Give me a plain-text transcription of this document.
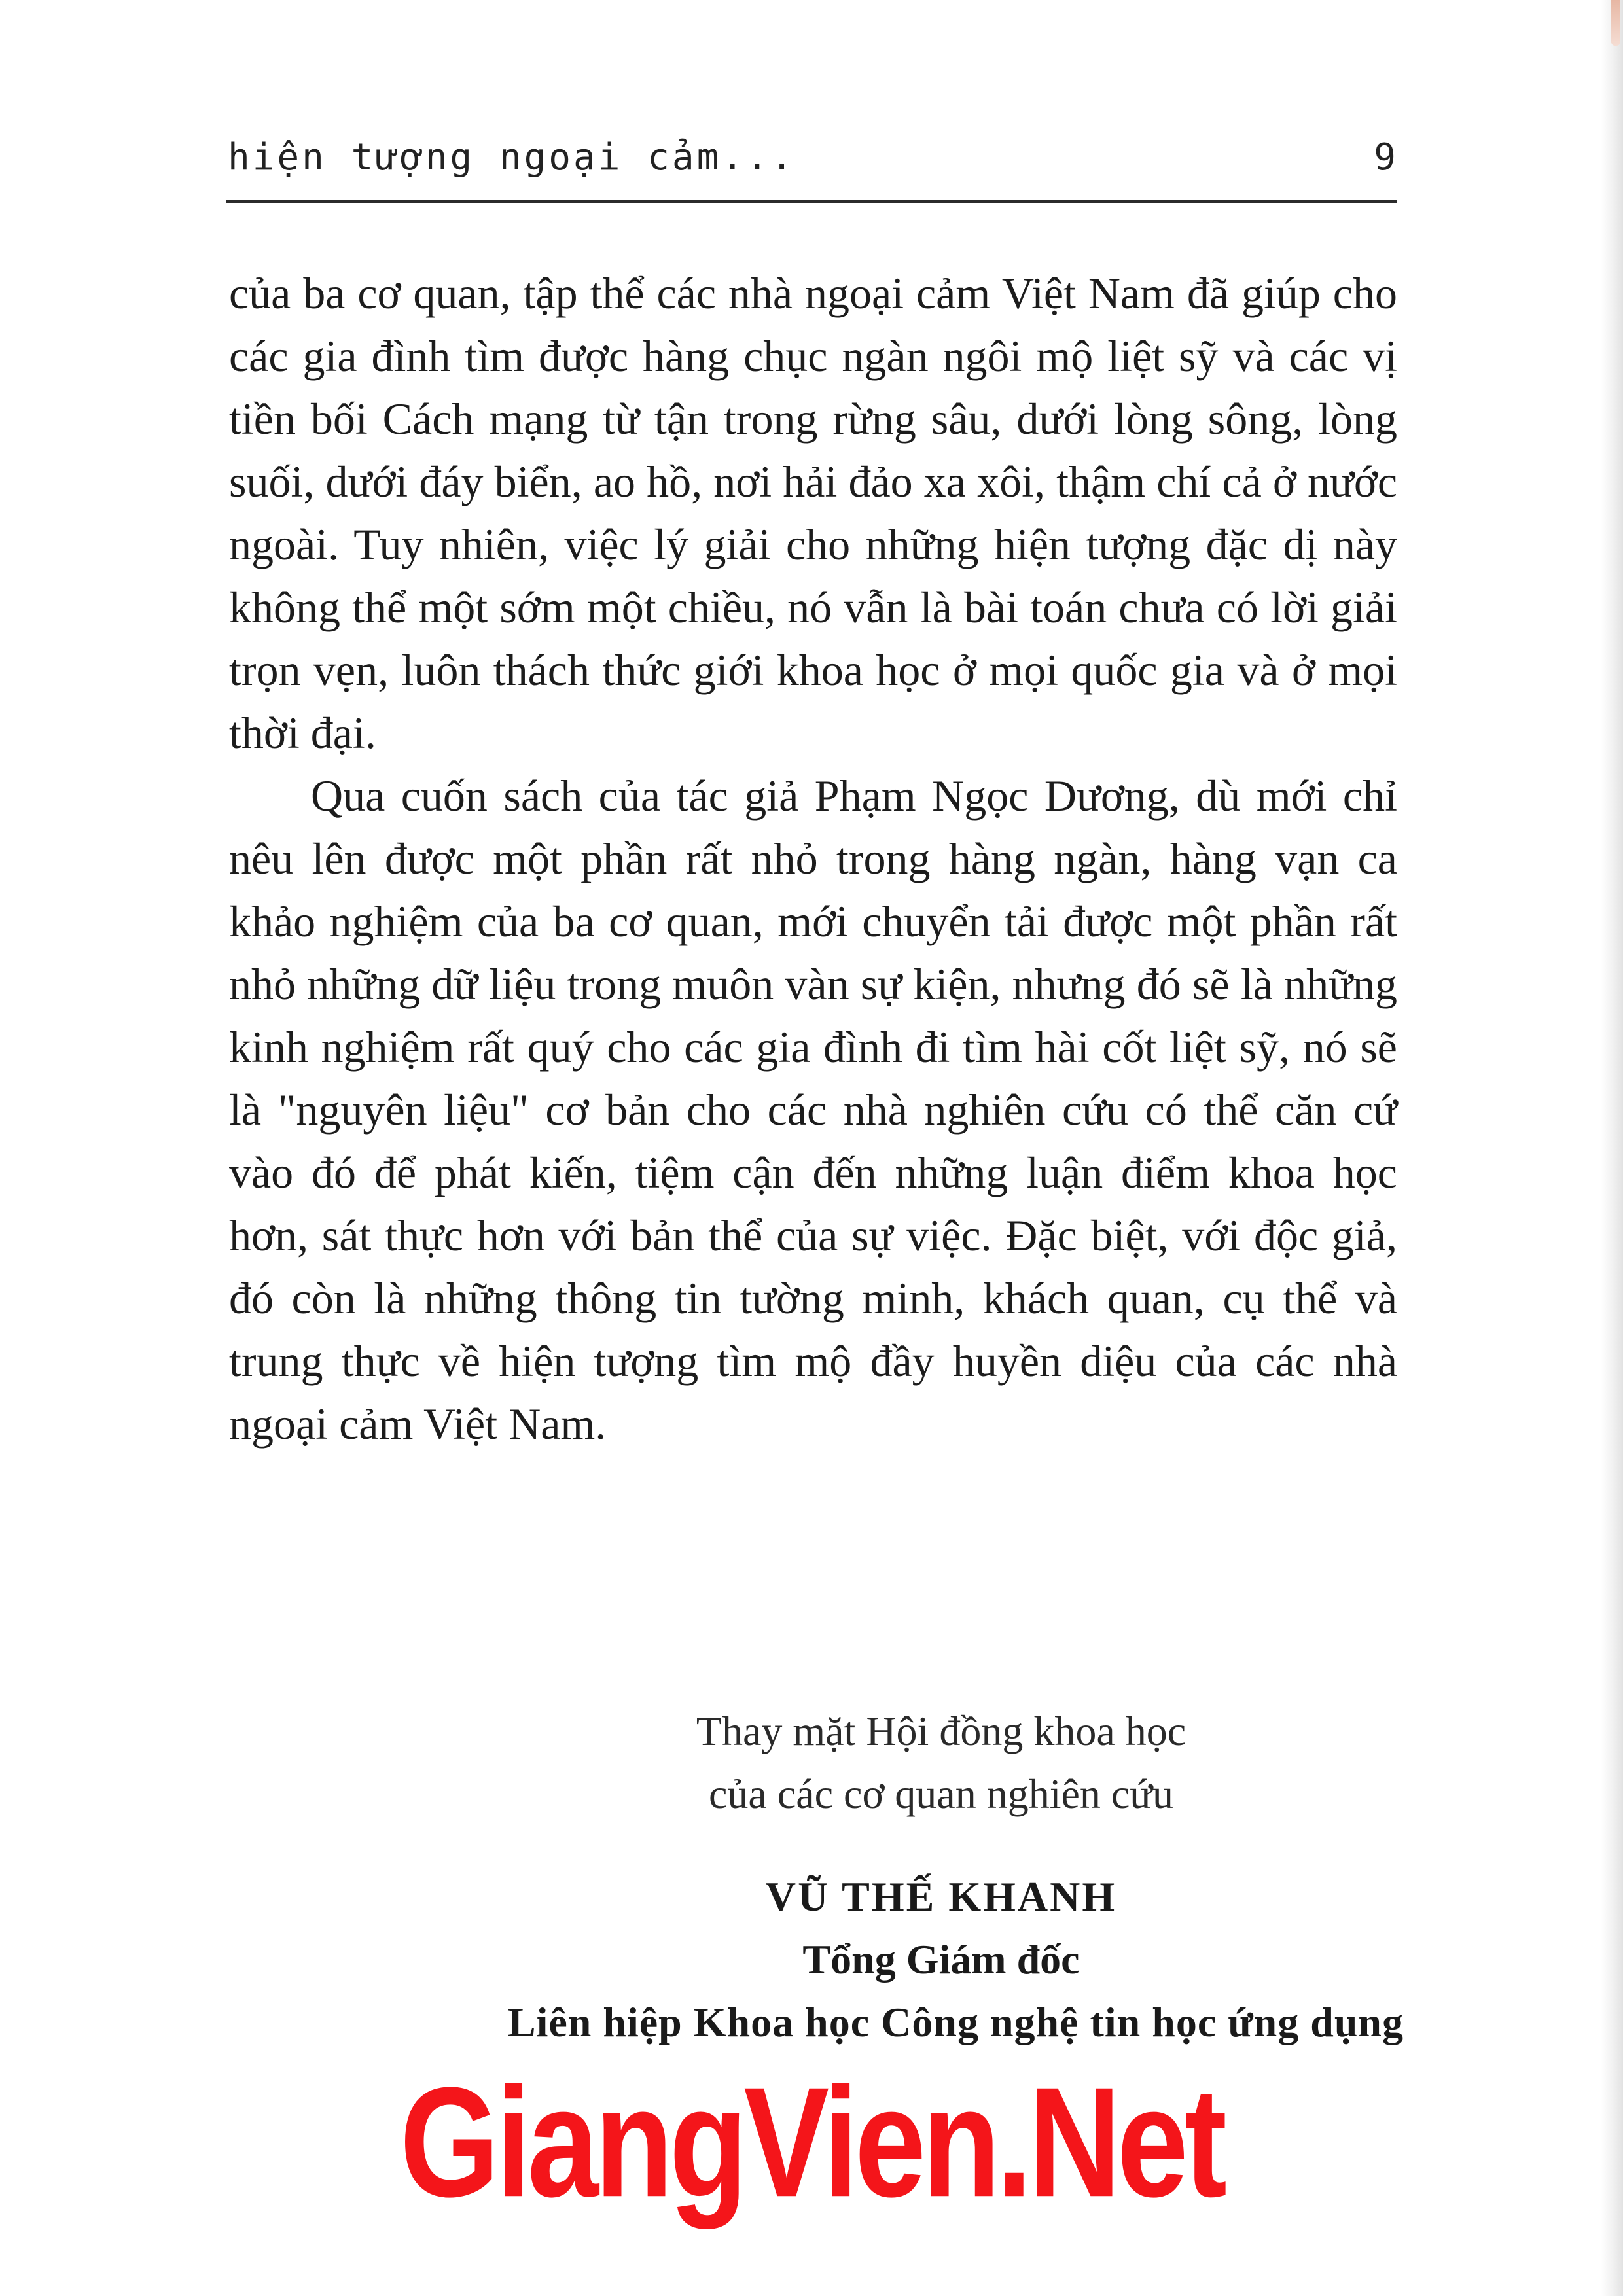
hiện tượng ngoại cảm...	9

của ba cơ quan, tập thể các nhà ngoại cảm Việt Nam đã giúp cho các gia đình tìm được hàng chục ngàn ngôi mộ liệt sỹ và các vị tiền bối Cách mạng từ tận trong rừng sâu, dưới lòng sông, lòng suối, dưới đáy biển, ao hồ, nơi hải đảo xa xôi, thậm chí cả ở nước ngoài. Tuy nhiên, việc lý giải cho những hiện tượng đặc dị này không thể một sớm một chiều, nó vẫn là bài toán chưa có lời giải trọn vẹn, luôn thách thức giới khoa học ở mọi quốc gia và ở mọi thời đại.

Qua cuốn sách của tác giả Phạm Ngọc Dương, dù mới chỉ nêu lên được một phần rất nhỏ trong hàng ngàn, hàng vạn ca khảo nghiệm của ba cơ quan, mới chuyển tải được một phần rất nhỏ những dữ liệu trong muôn vàn sự kiện, nhưng đó sẽ là những kinh nghiệm rất quý cho các gia đình đi tìm hài cốt liệt sỹ, nó sẽ là "nguyên liệu" cơ bản cho các nhà nghiên cứu có thể căn cứ vào đó để phát kiến, tiệm cận đến những luận điểm khoa học hơn, sát thực hơn với bản thể của sự việc. Đặc biệt, với độc giả, đó còn là những thông tin tường minh, khách quan, cụ thể và trung thực về hiện tượng tìm mộ đầy huyền diệu của các nhà ngoại cảm Việt Nam.

Thay mặt Hội đồng khoa học
của các cơ quan nghiên cứu
VŨ THẾ KHANH
Tổng Giám đốc
Liên hiệp Khoa học Công nghệ tin học ứng dụng
GiangVien.Net
